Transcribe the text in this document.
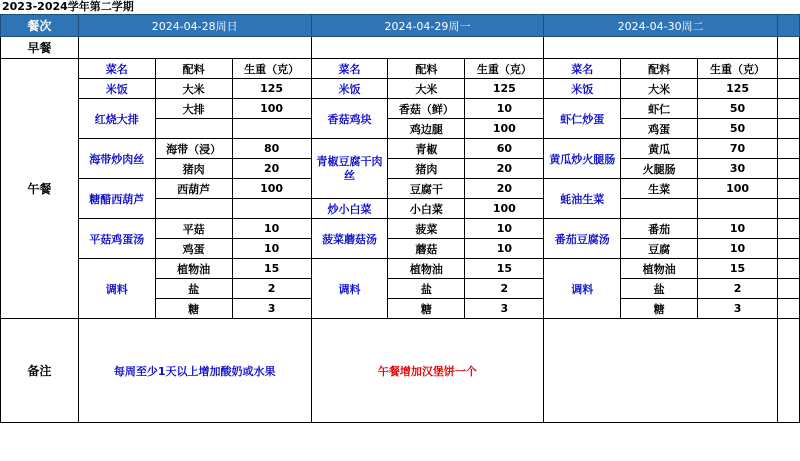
2023-2024学年第二学期
餐次	2024-04-28周日			2024-04-29周一			2024-04-30周二			
早餐										
午餐	菜名	配料	生重（克）	菜名	配料	生重（克）	菜名	配料	生重（克）	
	米饭	大米	125	米饭	大米	125	米饭	大米	125	
	红烧大排	大排	100	香菇鸡块	香菇（鲜）	10	虾仁炒蛋	虾仁	50	
					鸡边腿	100		鸡蛋	50	
	海带炒肉丝	海带（浸）	80	青椒豆腐干肉丝	青椒	60	黄瓜炒火腿肠	黄瓜	70	
		猪肉	20		猪肉	20		火腿肠	30	
	糖醋西葫芦	西葫芦	100		豆腐干	20	蚝油生菜	生菜	100	
				炒小白菜	小白菜	100				
	平菇鸡蛋汤	平菇	10	菠菜蘑菇汤	菠菜	10	番茄豆腐汤	番茄	10	
		鸡蛋	10		蘑菇	10		豆腐	10	
	调料	植物油	15	调料	植物油	15	调料	植物油	15	
		盐	2		盐	2		盐	2	
		糖	3		糖	3		糖	3	
备注	每周至少1天以上增加酸奶或水果			午餐增加汉堡饼一个						
